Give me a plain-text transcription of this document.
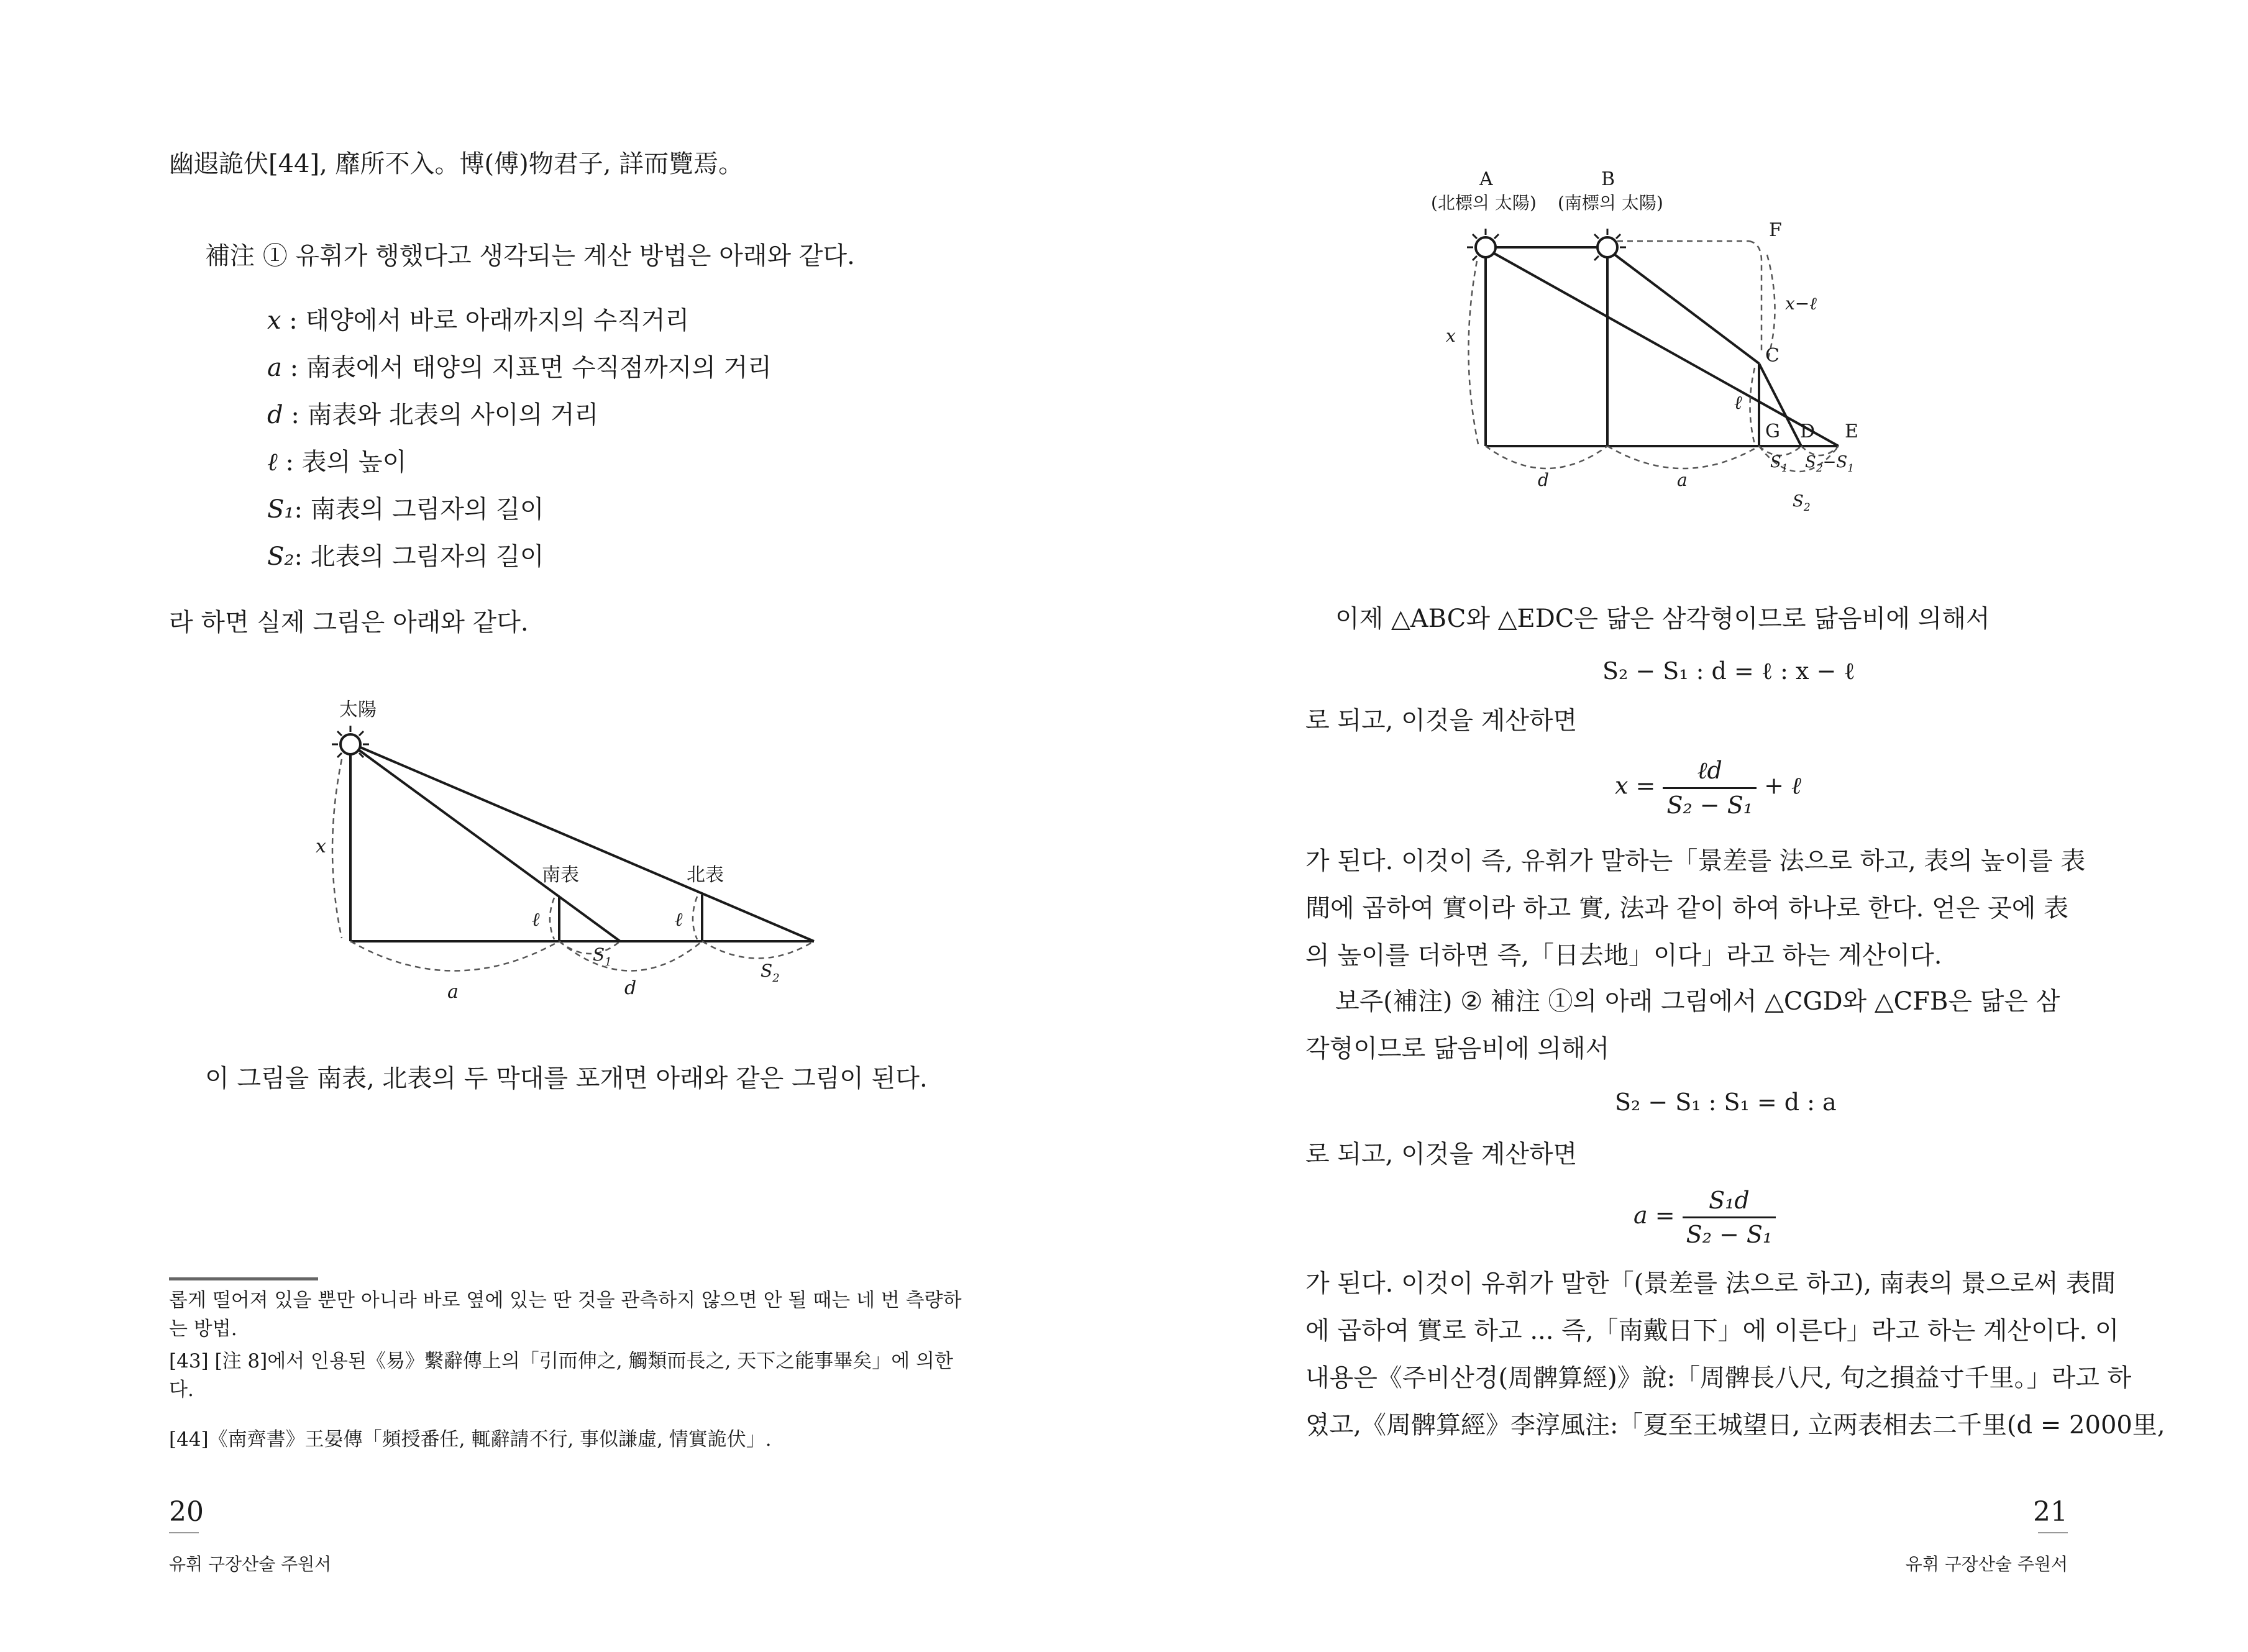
幽遐詭伏[44], 靡所不入。博(傅)物君子, 詳而覽焉。
補注 ① 유휘가 행했다고 생각되는 계산 방법은 아래와 같다.
x : 태양에서 바로 아래까지의 수직거리
a : 南表에서 태양의 지표면 수직점까지의 거리
d : 南表와 北表의 사이의 거리
ℓ : 表의 높이
S₁: 南表의 그림자의 길이
S₂: 北表의 그림자의 길이
라 하면 실제 그림은 아래와 같다.
太陽
x
南表	北表
ℓ	ℓ
a	d
$S_1$	$S_2$
이 그림을 南表, 北表의 두 막대를 포개면 아래와 같은 그림이 된다.
롭게 떨어져 있을 뿐만 아니라 바로 옆에 있는 딴 것을 관측하지 않으면 안 될 때는 네 번 측량하는 방법.
[43] [注 8]에서 인용된《易》繫辭傳上의「引而伸之, 觸類而長之, 天下之能事畢矣」에 의한다.
[44]《南齊書》王晏傳「頻授番任, 輒辭請不行, 事似謙虛, 情實詭伏」.
20
유휘 구장산술 주원서
A	B
(北標의 太陽) (南標의 太陽)
F
x−ℓ
C
x
ℓ
G D E
d	a
$S_1$ $S_2-S_1$
$S_2$
이제 △ABC와 △EDC은 닮은 삼각형이므로 닮음비에 의해서
S₂ − S₁ : d = ℓ : x − ℓ
로 되고, 이것을 계산하면
$x = \frac{\text{ℓd}}{\text{S₂ − S₁}}$ + ℓ
가 된다. 이것이 즉, 유휘가 말하는「景差를 法으로 하고, 表의 높이를 表
間에 곱하여 實이라 하고 實, 法과 같이 하여 하나로 한다. 얻은 곳에 表
의 높이를 더하면 즉,「日去地」이다」라고 하는 계산이다.
보주(補注) ② 補注 ①의 아래 그림에서 △CGD와 △CFB은 닮은 삼
각형이므로 닮음비에 의해서
S₂ − S₁ : S₁ = d : a
로 되고, 이것을 계산하면
$a = \frac{\text{S₁d}}{\text{S₂ − S₁}}$
가 된다. 이것이 유휘가 말한「(景差를 法으로 하고), 南表의 景으로써 表間
에 곱하여 實로 하고 ... 즉,「南戴日下」에 이른다」라고 하는 계산이다. 이
내용은《주비산경(周髀算經)》說:「周髀長八尺, 句之損益寸千里。」라고 하
였고,《周髀算經》李淳風注:「夏至王城望日, 立两表相去二千里(d = 2000里,
21
유휘 구장산술 주원서
